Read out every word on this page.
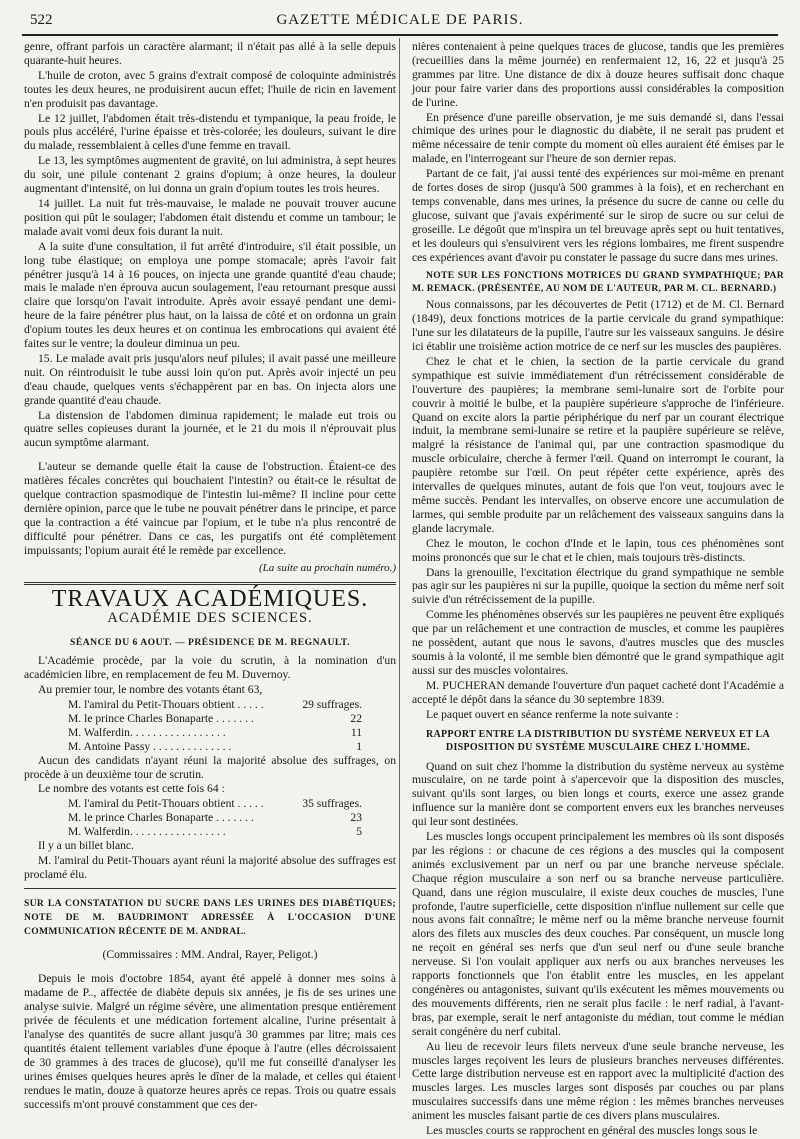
522	GAZETTE MÉDICALE DE PARIS.

genre, offrant parfois un caractère alarmant; il n'était pas allé à la selle depuis quarante-huit heures.

L'huile de croton, avec 5 grains d'extrait composé de coloquinte administrés toutes les deux heures, ne produisirent aucun effet; l'huile de ricin en lavement n'en produisit pas davantage.

Le 12 juillet, l'abdomen était très-distendu et tympanique, la peau froide, le pouls plus accéléré, l'urine épaisse et très-colorée; les douleurs, suivant le dire du malade, ressemblaient à celles d'une femme en travail.

Le 13, les symptômes augmentent de gravité, on lui administra, à sept heures du soir, une pilule contenant 2 grains d'opium; à onze heures, la douleur augmentant d'intensité, on lui donna un grain d'opium toutes les trois heures.

14 juillet. La nuit fut très-mauvaise, le malade ne pouvait trouver aucune position qui pût le soulager; l'abdomen était distendu et comme un tambour; le malade avait vomi deux fois durant la nuit.

A la suite d'une consultation, il fut arrêté d'introduire, s'il était possible, un long tube élastique; on employa une pompe stomacale; après l'avoir fait pénétrer jusqu'à 14 à 16 pouces, on injecta une grande quantité d'eau chaude; mais le malade n'en éprouva aucun soulagement, l'eau retournant presque aussi claire que lorsqu'on l'avait introduite. Après avoir essayé pendant une demi-heure de la faire pénétrer plus haut, on la laissa de côté et on ordonna un grain d'opium toutes les deux heures et on continua les embrocations qui avaient été faites sur le ventre; la douleur diminua un peu.

15. Le malade avait pris jusqu'alors neuf pilules; il avait passé une meilleure nuit. On réintroduisit le tube aussi loin qu'on put. Après avoir injecté un peu d'eau chaude, quelques vents s'échappèrent par en bas. On injecta alors une grande quantité d'eau chaude.

La distension de l'abdomen diminua rapidement; le malade eut trois ou quatre selles copieuses durant la journée, et le 21 du mois il n'éprouvait plus aucun symptôme alarmant.

L'auteur se demande quelle était la cause de l'obstruction. Étaient-ce des matières fécales concrètes qui bouchaient l'intestin? ou était-ce le résultat de quelque contraction spasmodique de l'intestin lui-même? Il incline pour cette dernière opinion, parce que le tube ne pouvait pénétrer dans le principe, et parce que la contraction a été vaincue par l'opium, et le tube n'a plus rencontré de difficulté pour pénétrer. Dans ce cas, les purgatifs ont été complètement impuissants; l'opium aurait été le remède par excellence.

(La suite au prochain numéro.)

TRAVAUX ACADÉMIQUES.
ACADÉMIE DES SCIENCES.
SÉANCE DU 6 AOUT. — PRÉSIDENCE DE M. REGNAULT.

L'Académie procède, par la voie du scrutin, à la nomination d'un académicien libre, en remplacement de feu M. Duvernoy.

Au premier tour, le nombre des votants étant 63,

M. l'amiral du Petit-Thouars obtient . . . . .	29 suffrages.
M. le prince Charles Bonaparte . . . . . . .	22
M. Walferdin. . . . . . . . . . . . . . . . .	11
M. Antoine Passy . . . . . . . . . . . . . .	1

Aucun des candidats n'ayant réuni la majorité absolue des suffrages, on procède à un deuxième tour de scrutin.

Le nombre des votants est cette fois 64 :

M. l'amiral du Petit-Thouars obtient . . . . .	35 suffrages.
M. le prince Charles Bonaparte . . . . . . .	23
M. Walferdin. . . . . . . . . . . . . . . . .	5

Il y a un billet blanc.

M. l'amiral du Petit-Thouars ayant réuni la majorité absolue des suffrages est proclamé élu.

SUR LA CONSTATATION DU SUCRE DANS LES URINES DES DIABÉTIQUES; NOTE DE M. BAUDRIMONT ADRESSÉE À L'OCCASION D'UNE COMMUNICATION RÉCENTE DE M. ANDRAL.

(Commissaires : MM. Andral, Rayer, Peligot.)

Depuis le mois d'octobre 1854, ayant été appelé à donner mes soins à madame de P.., affectée de diabète depuis six années, je fis de ses urines une analyse suivie. Malgré un régime sévère, une alimentation presque entièrement privée de féculents et une médication fortement alcaline, l'urine présentait à l'analyse des quantités de sucre allant jusqu'à 30 grammes par litre; mais ces quantités étaient tellement variables d'une époque à l'autre (elles décroissaient de 30 grammes à des traces de glucose), qu'il me fut conseillé d'analyser les urines émises quelques heures après le dîner de la malade, et celles qui étaient rendues le matin, douze à quatorze heures après ce repas. Trois ou quatre essais successifs m'ont prouvé constamment que ces der-

nières contenaient à peine quelques traces de glucose, tandis que les premières (recueillies dans la même journée) en renfermaient 12, 16, 22 et jusqu'à 25 grammes par litre. Une distance de dix à douze heures suffisait donc chaque jour pour faire varier dans des proportions aussi considérables la composition de l'urine.

En présence d'une pareille observation, je me suis demandé si, dans l'essai chimique des urines pour le diagnostic du diabète, il ne serait pas prudent et même nécessaire de tenir compte du moment où elles auraient été émises par le malade, en l'interrogeant sur l'heure de son dernier repas.

Partant de ce fait, j'ai aussi tenté des expériences sur moi-même en prenant de fortes doses de sirop (jusqu'à 500 grammes à la fois), et en recherchant en temps convenable, dans mes urines, la présence du sucre de canne ou celle du glucose, suivant que j'avais expérimenté sur le sirop de sucre ou sur celui de groseille. Le dégoût que m'inspira un tel breuvage après sept ou huit tentatives, et les douleurs qui s'ensuivirent vers les régions lombaires, me firent suspendre ces expériences avant d'avoir pu constater le passage du sucre dans mes urines.

NOTE SUR LES FONCTIONS MOTRICES DU GRAND SYMPATHIQUE; PAR M. REMACK. (PRÉSENTÉE, AU NOM DE L'AUTEUR, PAR M. CL. BERNARD.)

Nous connaissons, par les découvertes de Petit (1712) et de M. Cl. Bernard (1849), deux fonctions motrices de la partie cervicale du grand sympathique: l'une sur les dilatateurs de la pupille, l'autre sur les vaisseaux sanguins. Je désire ici établir une troisième action motrice de ce nerf sur les muscles des paupières.

Chez le chat et le chien, la section de la partie cervicale du grand sympathique est suivie immédiatement d'un rétrécissement considérable de l'ouverture des paupières; la membrane semi-lunaire sort de l'orbite pour couvrir à moitié le bulbe, et la paupière supérieure s'approche de l'inférieure. Quand on excite alors la partie périphérique du nerf par un courant électrique induit, la membrane semi-lunaire se retire et la paupière supérieure se relève, malgré la résistance de l'animal qui, par une contraction spasmodique du muscle orbiculaire, cherche à fermer l'œil. Quand on interrompt le courant, la paupière retombe sur l'œil. On peut répéter cette expérience, après des intervalles de quelques minutes, autant de fois que l'on veut, toujours avec le même succès. Pendant les intervalles, on observe encore une accumulation de larmes, qui semble produite par un relâchement des vaisseaux sanguins dans la glande lacrymale.

Chez le mouton, le cochon d'Inde et le lapin, tous ces phénomènes sont moins prononcés que sur le chat et le chien, mais toujours très-distincts.

Dans la grenouille, l'excitation électrique du grand sympathique ne semble pas agir sur les paupières ni sur la pupille, quoique la section du même nerf soit suivie d'un rétrécissement de la pupille.

Comme les phénomènes observés sur les paupières ne peuvent être expliqués que par un relâchement et une contraction de muscles, et comme les paupières ne possèdent, autant que nous le savons, d'autres muscles que des muscles soumis à la volonté, il me semble bien démontré que le grand sympathique agit aussi sur des muscles volontaires.

M. PUCHERAN demande l'ouverture d'un paquet cacheté dont l'Académie a accepté le dépôt dans la séance du 30 septembre 1839.

Le paquet ouvert en séance renferme la note suivante :

RAPPORT ENTRE LA DISTRIBUTION DU SYSTÈME NERVEUX ET LA DISPOSITION DU SYSTÈME MUSCULAIRE CHEZ L'HOMME.

Quand on suit chez l'homme la distribution du système nerveux au système musculaire, on ne tarde point à s'apercevoir que la disposition des muscles, suivant qu'ils sont larges, ou bien longs et courts, exerce une assez grande influence sur la manière dont se comportent envers eux les branches nerveuses qui leur sont destinées.

Les muscles longs occupent principalement les membres où ils sont disposés par les régions : or chacune de ces régions a des muscles qui la composent animés exclusivement par un nerf ou par une branche nerveuse spéciale. Chaque région musculaire a son nerf ou sa branche nerveuse particulière. Quand, dans une région musculaire, il existe deux couches de muscles, l'une profonde, l'autre superficielle, cette disposition n'influe nullement sur celle que nous avons fait connaître; le même nerf ou la même branche nerveuse fournit alors des filets aux muscles des deux couches. Par conséquent, un muscle long ne reçoit en général ses nerfs que d'un seul nerf ou d'une seule branche nerveuse. Si l'on voulait appliquer aux nerfs ou aux branches nerveuses les rapports fonctionnels que l'on établit entre les muscles, en les appelant congénères ou antagonistes, suivant qu'ils exécutent les mêmes mouvements ou des mouvements différents, rien ne serait plus facile : le nerf radial, à l'avant-bras, par exemple, serait le nerf antagoniste du médian, tout comme le médian serait congénère du nerf cubital.

Au lieu de recevoir leurs filets nerveux d'une seule branche nerveuse, les muscles larges reçoivent les leurs de plusieurs branches nerveuses différentes. Cette large distribution nerveuse est en rapport avec la multiplicité d'action des muscles larges. Les muscles larges sont disposés par couches ou par plans musculaires successifs dans une même région : les mêmes branches nerveuses animent les muscles faisant partie de ces divers plans musculaires.

Les muscles courts se rapprochent en général des muscles longs sous le
